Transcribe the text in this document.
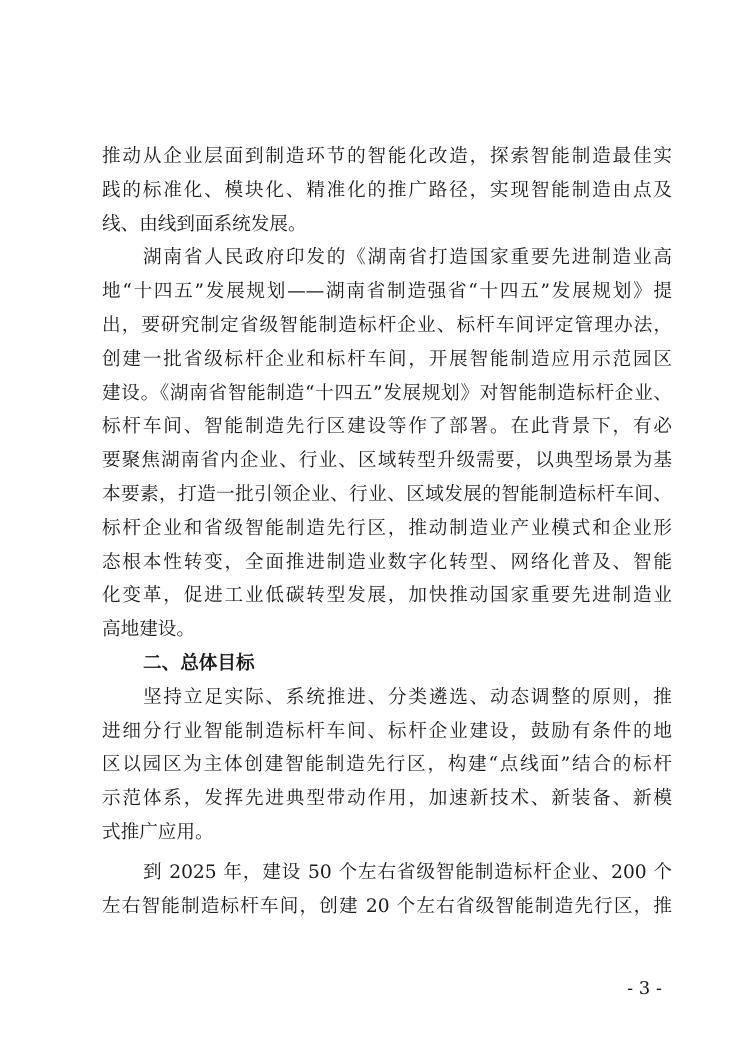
推动从企业层面到制造环节的智能化改造，探索智能制造最佳实
践的标准化、模块化、精准化的推广路径，实现智能制造由点及
线、由线到面系统发展。
湖南省人民政府印发的《湖南省打造国家重要先进制造业高
地“十四五”发展规划——湖南省制造强省“十四五”发展规划》提
出，要研究制定省级智能制造标杆企业、标杆车间评定管理办法，
创建一批省级标杆企业和标杆车间，开展智能制造应用示范园区
建设。《湖南省智能制造“十四五”发展规划》对智能制造标杆企业、
标杆车间、智能制造先行区建设等作了部署。在此背景下，有必
要聚焦湖南省内企业、行业、区域转型升级需要，以典型场景为基
本要素，打造一批引领企业、行业、区域发展的智能制造标杆车间、
标杆企业和省级智能制造先行区，推动制造业产业模式和企业形
态根本性转变，全面推进制造业数字化转型、网络化普及、智能
化变革，促进工业低碳转型发展，加快推动国家重要先进制造业
高地建设。
二、总体目标
坚持立足实际、系统推进、分类遴选、动态调整的原则，推
进细分行业智能制造标杆车间、标杆企业建设，鼓励有条件的地
区以园区为主体创建智能制造先行区，构建“点线面”结合的标杆
示范体系，发挥先进典型带动作用，加速新技术、新装备、新模
式推广应用。
到 2025 年，建设 50 个左右省级智能制造标杆企业、200 个
左右智能制造标杆车间，创建 20 个左右省级智能制造先行区，推
- 3 -
